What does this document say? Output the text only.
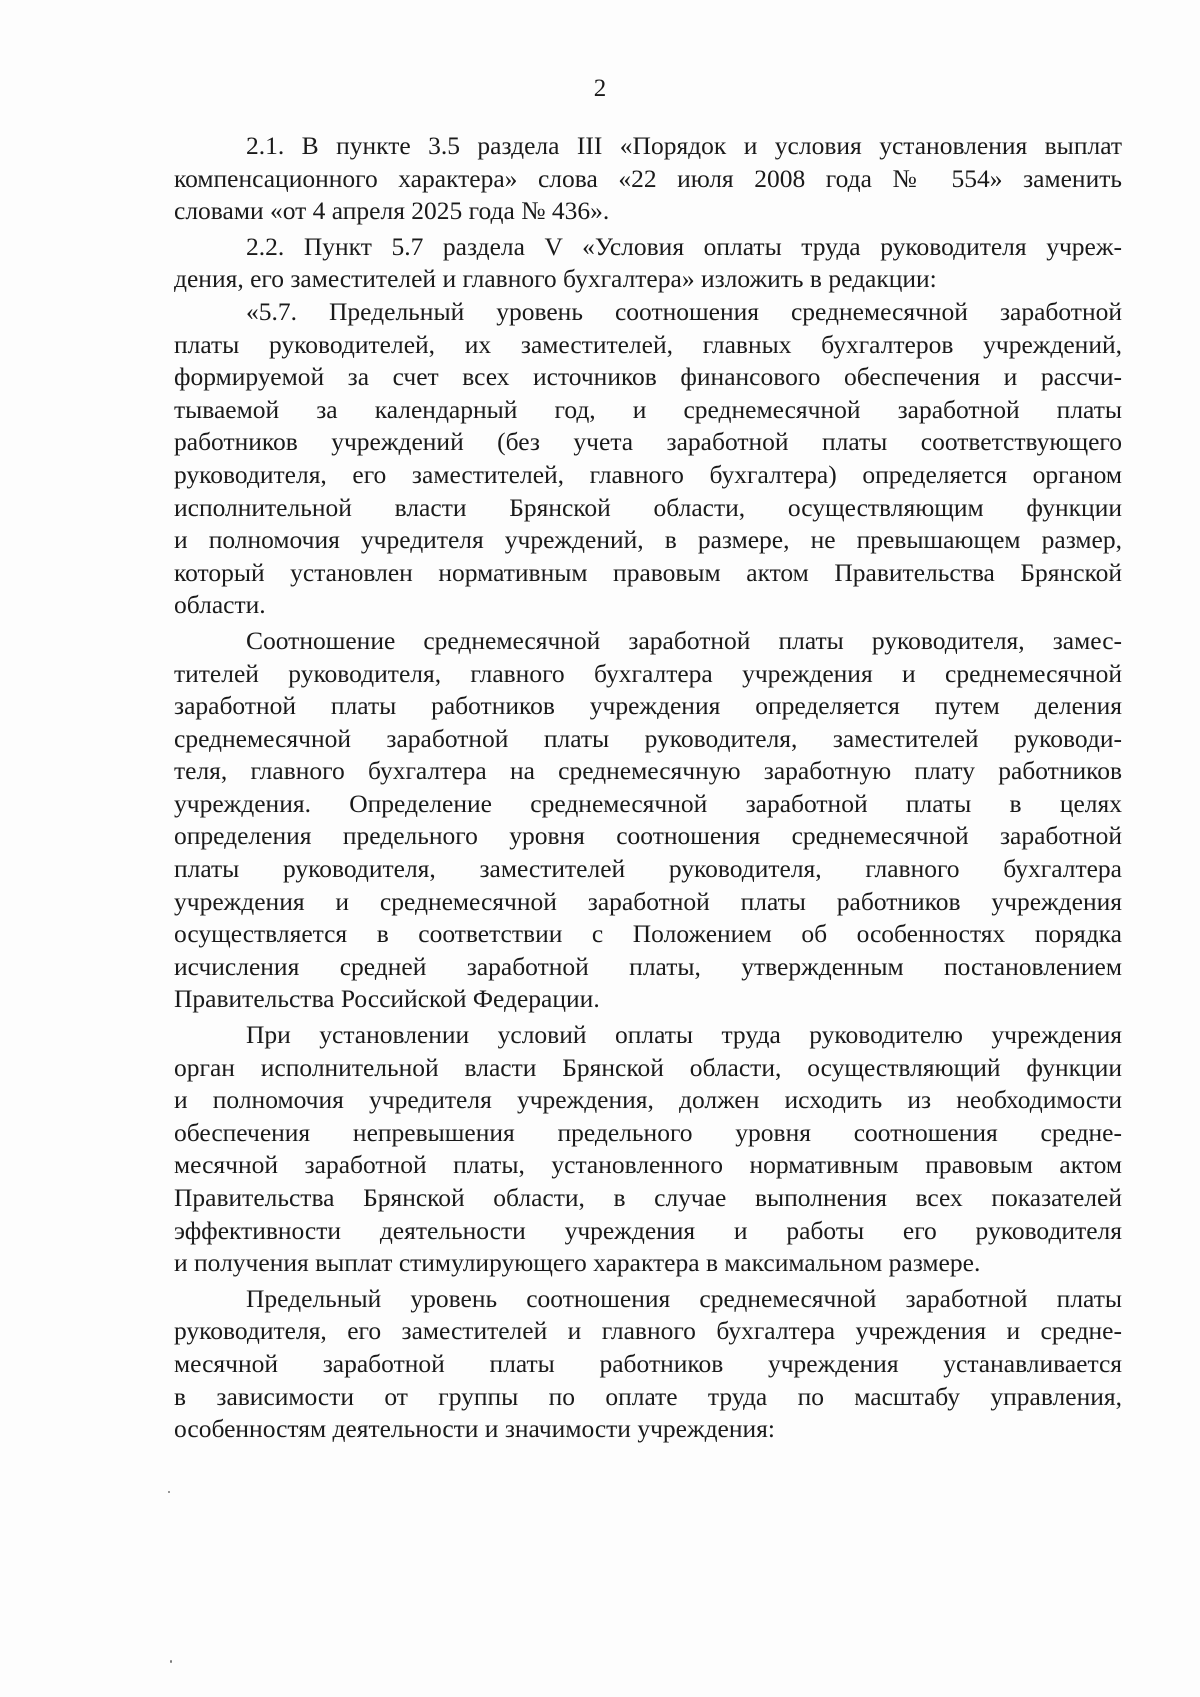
2
2.1. В пункте 3.5 раздела III «Порядок и условия установления выплат
компенсационного характера» слова «22 июля 2008 года № 554» заменить
словами «от 4 апреля 2025 года № 436».
2.2. Пункт 5.7 раздела V «Условия оплаты труда руководителя учреж-
дения, его заместителей и главного бухгалтера» изложить в редакции:
«5.7. Предельный уровень соотношения среднемесячной заработной
платы руководителей, их заместителей, главных бухгалтеров учреждений,
формируемой за счет всех источников финансового обеспечения и рассчи-
тываемой за календарный год, и среднемесячной заработной платы
работников учреждений (без учета заработной платы соответствующего
руководителя, его заместителей, главного бухгалтера) определяется органом
исполнительной власти Брянской области, осуществляющим функции
и полномочия учредителя учреждений, в размере, не превышающем размер,
который установлен нормативным правовым актом Правительства Брянской
области.
Соотношение среднемесячной заработной платы руководителя, замес-
тителей руководителя, главного бухгалтера учреждения и среднемесячной
заработной платы работников учреждения определяется путем деления
среднемесячной заработной платы руководителя, заместителей руководи-
теля, главного бухгалтера на среднемесячную заработную плату работников
учреждения. Определение среднемесячной заработной платы в целях
определения предельного уровня соотношения среднемесячной заработной
платы руководителя, заместителей руководителя, главного бухгалтера
учреждения и среднемесячной заработной платы работников учреждения
осуществляется в соответствии с Положением об особенностях порядка
исчисления средней заработной платы, утвержденным постановлением
Правительства Российской Федерации.
При установлении условий оплаты труда руководителю учреждения
орган исполнительной власти Брянской области, осуществляющий функции
и полномочия учредителя учреждения, должен исходить из необходимости
обеспечения непревышения предельного уровня соотношения средне-
месячной заработной платы, установленного нормативным правовым актом
Правительства Брянской области, в случае выполнения всех показателей
эффективности деятельности учреждения и работы его руководителя
и получения выплат стимулирующего характера в максимальном размере.
Предельный уровень соотношения среднемесячной заработной платы
руководителя, его заместителей и главного бухгалтера учреждения и средне-
месячной заработной платы работников учреждения устанавливается
в зависимости от группы по оплате труда по масштабу управления,
особенностям деятельности и значимости учреждения:
